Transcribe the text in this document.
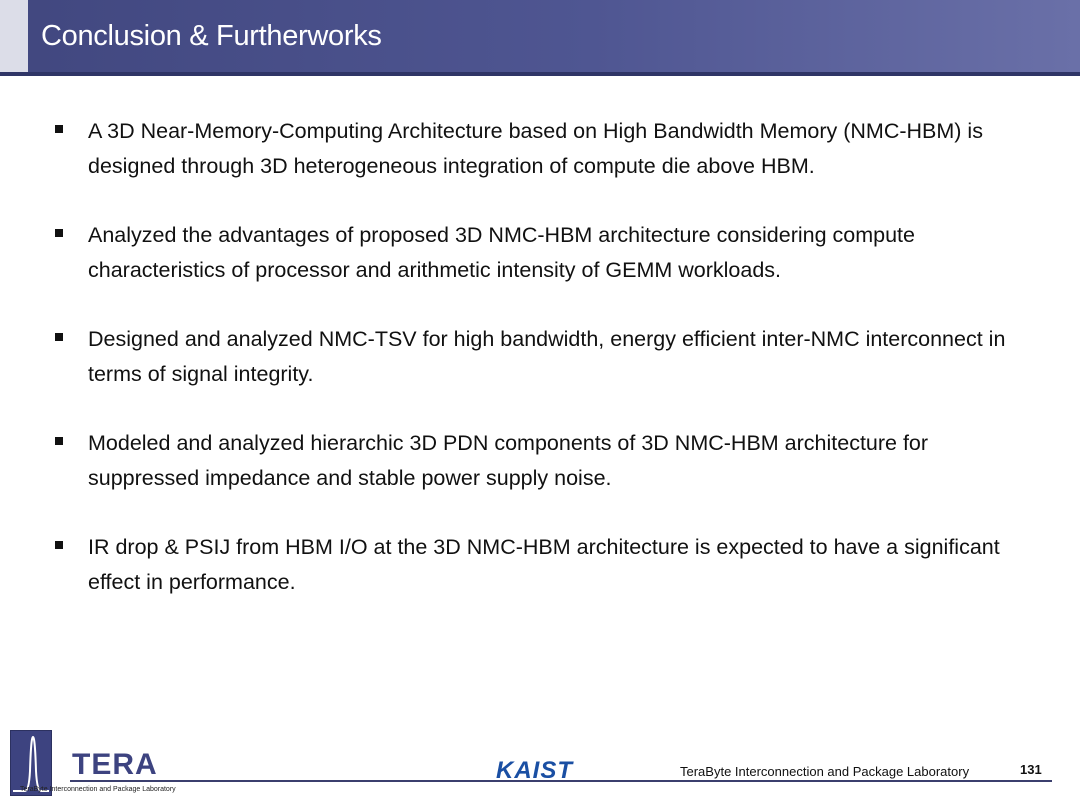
Conclusion & Furtherworks
A 3D Near-Memory-Computing Architecture based on High Bandwidth Memory (NMC-HBM) is designed through 3D heterogeneous integration of compute die above HBM.
Analyzed the advantages of proposed 3D NMC-HBM architecture considering compute characteristics of processor and arithmetic intensity of GEMM workloads.
Designed and analyzed NMC-TSV for high bandwidth, energy efficient inter-NMC interconnect in terms of signal integrity.
Modeled and analyzed hierarchic 3D PDN components of 3D NMC-HBM architecture for suppressed impedance and stable power supply noise.
IR drop & PSIJ from HBM I/O at the 3D NMC-HBM architecture is expected to have a significant effect in performance.
TERA
TeraByte Interconnection and Package Laboratory
KAIST	TeraByte Interconnection and Package Laboratory	131
